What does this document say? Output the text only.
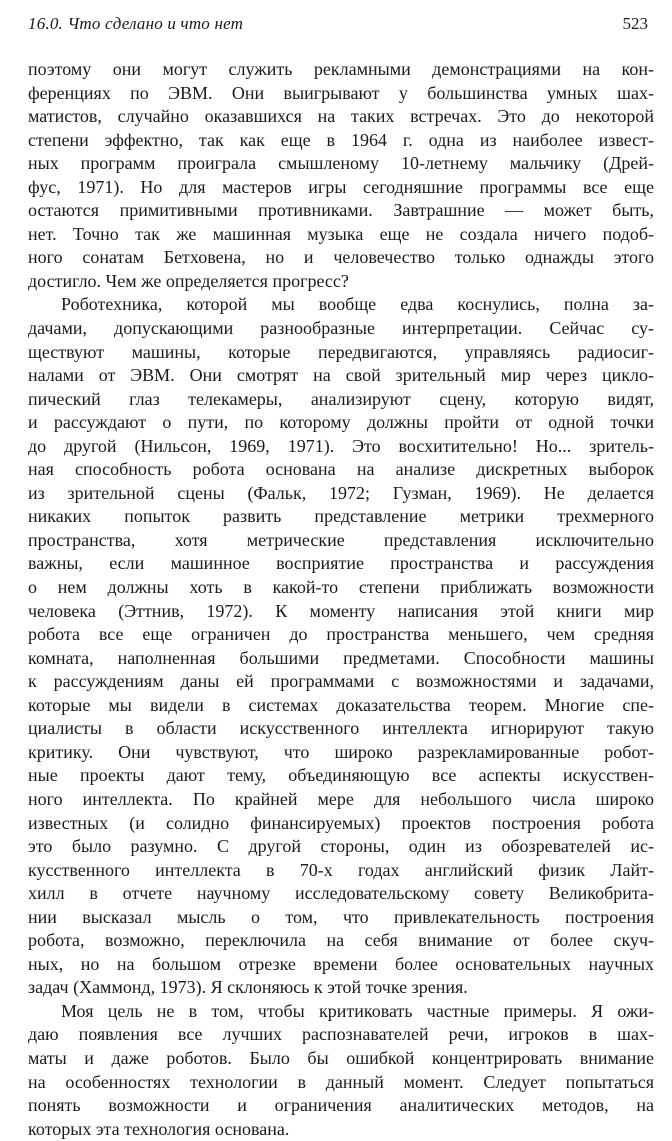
16.0. Что сделано и что нет	523
поэтому они могут служить рекламными демонстрациями на кон-
ференциях по ЭВМ. Они выигрывают у большинства умных шах-
матистов, случайно оказавшихся на таких встречах. Это до некоторой
степени эффектно, так как еще в 1964 г. одна из наиболее извест-
ных программ проиграла смышленому 10-летнему мальчику (Дрей-
фус, 1971). Но для мастеров игры сегодняшние программы все еще
остаются примитивными противниками. Завтрашние — может быть,
нет. Точно так же машинная музыка еще не создала ничего подоб-
ного сонатам Бетховена, но и человечество только однажды этого
достигло. Чем же определяется прогресс?
Роботехника, которой мы вообще едва коснулись, полна за-
дачами, допускающими разнообразные интерпретации. Сейчас су-
ществуют машины, которые передвигаются, управляясь радиосиг-
налами от ЭВМ. Они смотрят на свой зрительный мир через цикло-
пический глаз телекамеры, анализируют сцену, которую видят,
и рассуждают о пути, по которому должны пройти от одной точки
до другой (Нильсон, 1969, 1971). Это восхитительно! Но... зритель-
ная способность робота основана на анализе дискретных выборок
из зрительной сцены (Фальк, 1972; Гузман, 1969). Не делается
никаких попыток развить представление метрики трехмерного
пространства, хотя метрические представления исключительно
важны, если машинное восприятие пространства и рассуждения
о нем должны хоть в какой-то степени приближать возможности
человека (Эттнив, 1972). К моменту написания этой книги мир
робота все еще ограничен до пространства меньшего, чем средняя
комната, наполненная большими предметами. Способности машины
к рассуждениям даны ей программами с возможностями и задачами,
которые мы видели в системах доказательства теорем. Многие спе-
циалисты в области искусственного интеллекта игнорируют такую
критику. Они чувствуют, что широко разрекламированные робот-
ные проекты дают тему, объединяющую все аспекты искусствен-
ного интеллекта. По крайней мере для небольшого числа широко
известных (и солидно финансируемых) проектов построения робота
это было разумно. С другой стороны, один из обозревателей ис-
кусственного интеллекта в 70-х годах английский физик Лайт-
хилл в отчете научному исследовательскому совету Великобрита-
нии высказал мысль о том, что привлекательность построения
робота, возможно, переключила на себя внимание от более скуч-
ных, но на большом отрезке времени более основательных научных
задач (Хаммонд, 1973). Я склоняюсь к этой точке зрения.
Моя цель не в том, чтобы критиковать частные примеры. Я ожи-
даю появления все лучших распознавателей речи, игроков в шах-
маты и даже роботов. Было бы ошибкой концентрировать внимание
на особенностях технологии в данный момент. Следует попытаться
понять возможности и ограничения аналитических методов, на
которых эта технология основана.
